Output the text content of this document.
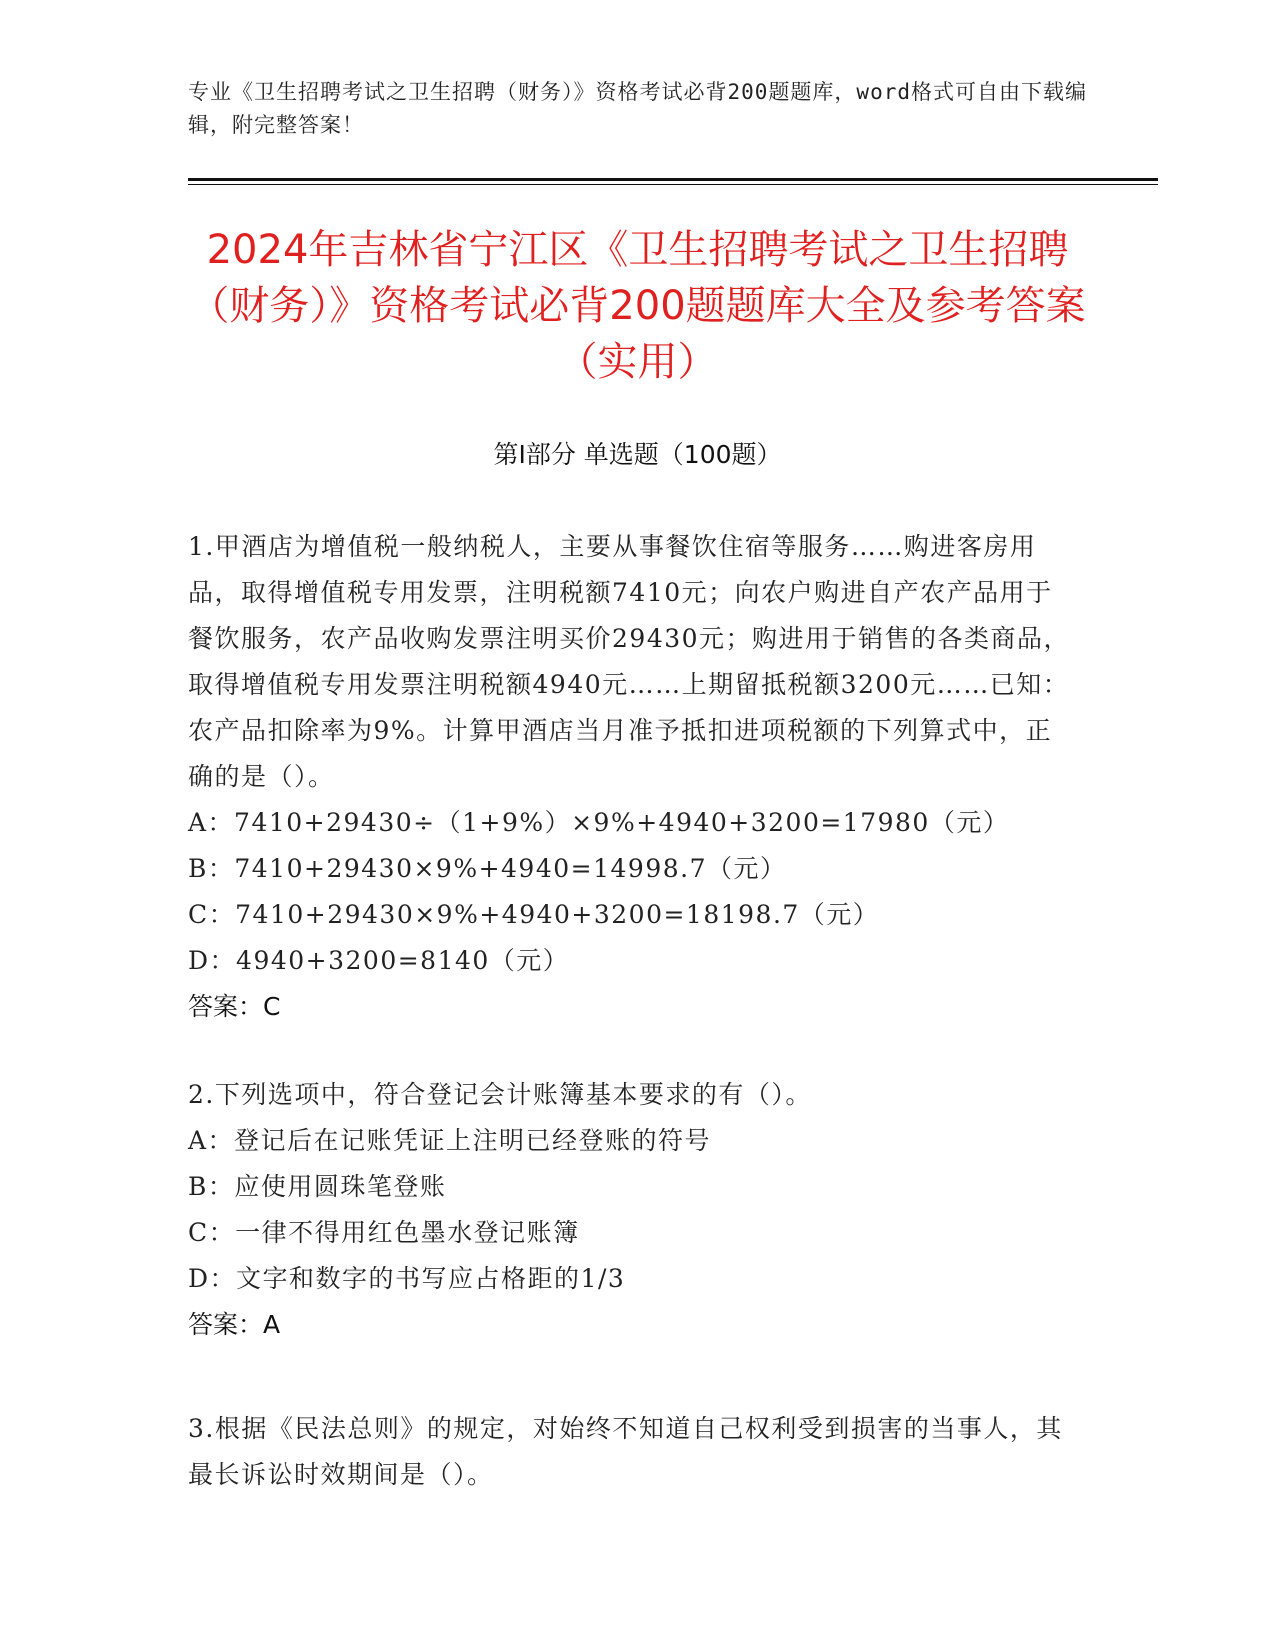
专业《卫生招聘考试之卫生招聘（财务）》资格考试必背200题题库，word格式可自由下载编辑，附完整答案！
2024年吉林省宁江区《卫生招聘考试之卫生招聘（财务）》资格考试必背200题题库大全及参考答案（实用）
第Ⅰ部分 单选题（100题）
1.甲酒店为增值税一般纳税人，主要从事餐饮住宿等服务……购进客房用品，取得增值税专用发票，注明税额7410元；向农户购进自产农产品用于餐饮服务，农产品收购发票注明买价29430元；购进用于销售的各类商品，取得增值税专用发票注明税额4940元……上期留抵税额3200元……已知：农产品扣除率为9%。计算甲酒店当月准予抵扣进项税额的下列算式中，正确的是（）。
A：7410+29430÷（1+9%）×9%+4940+3200=17980（元）
B：7410+29430×9%+4940=14998.7（元）
C：7410+29430×9%+4940+3200=18198.7（元）
D：4940+3200=8140（元）
答案：C
2.下列选项中，符合登记会计账簿基本要求的有（）。
A：登记后在记账凭证上注明已经登账的符号
B：应使用圆珠笔登账
C：一律不得用红色墨水登记账簿
D：文字和数字的书写应占格距的1/3
答案：A
3.根据《民法总则》的规定，对始终不知道自己权利受到损害的当事人，其最长诉讼时效期间是（）。
